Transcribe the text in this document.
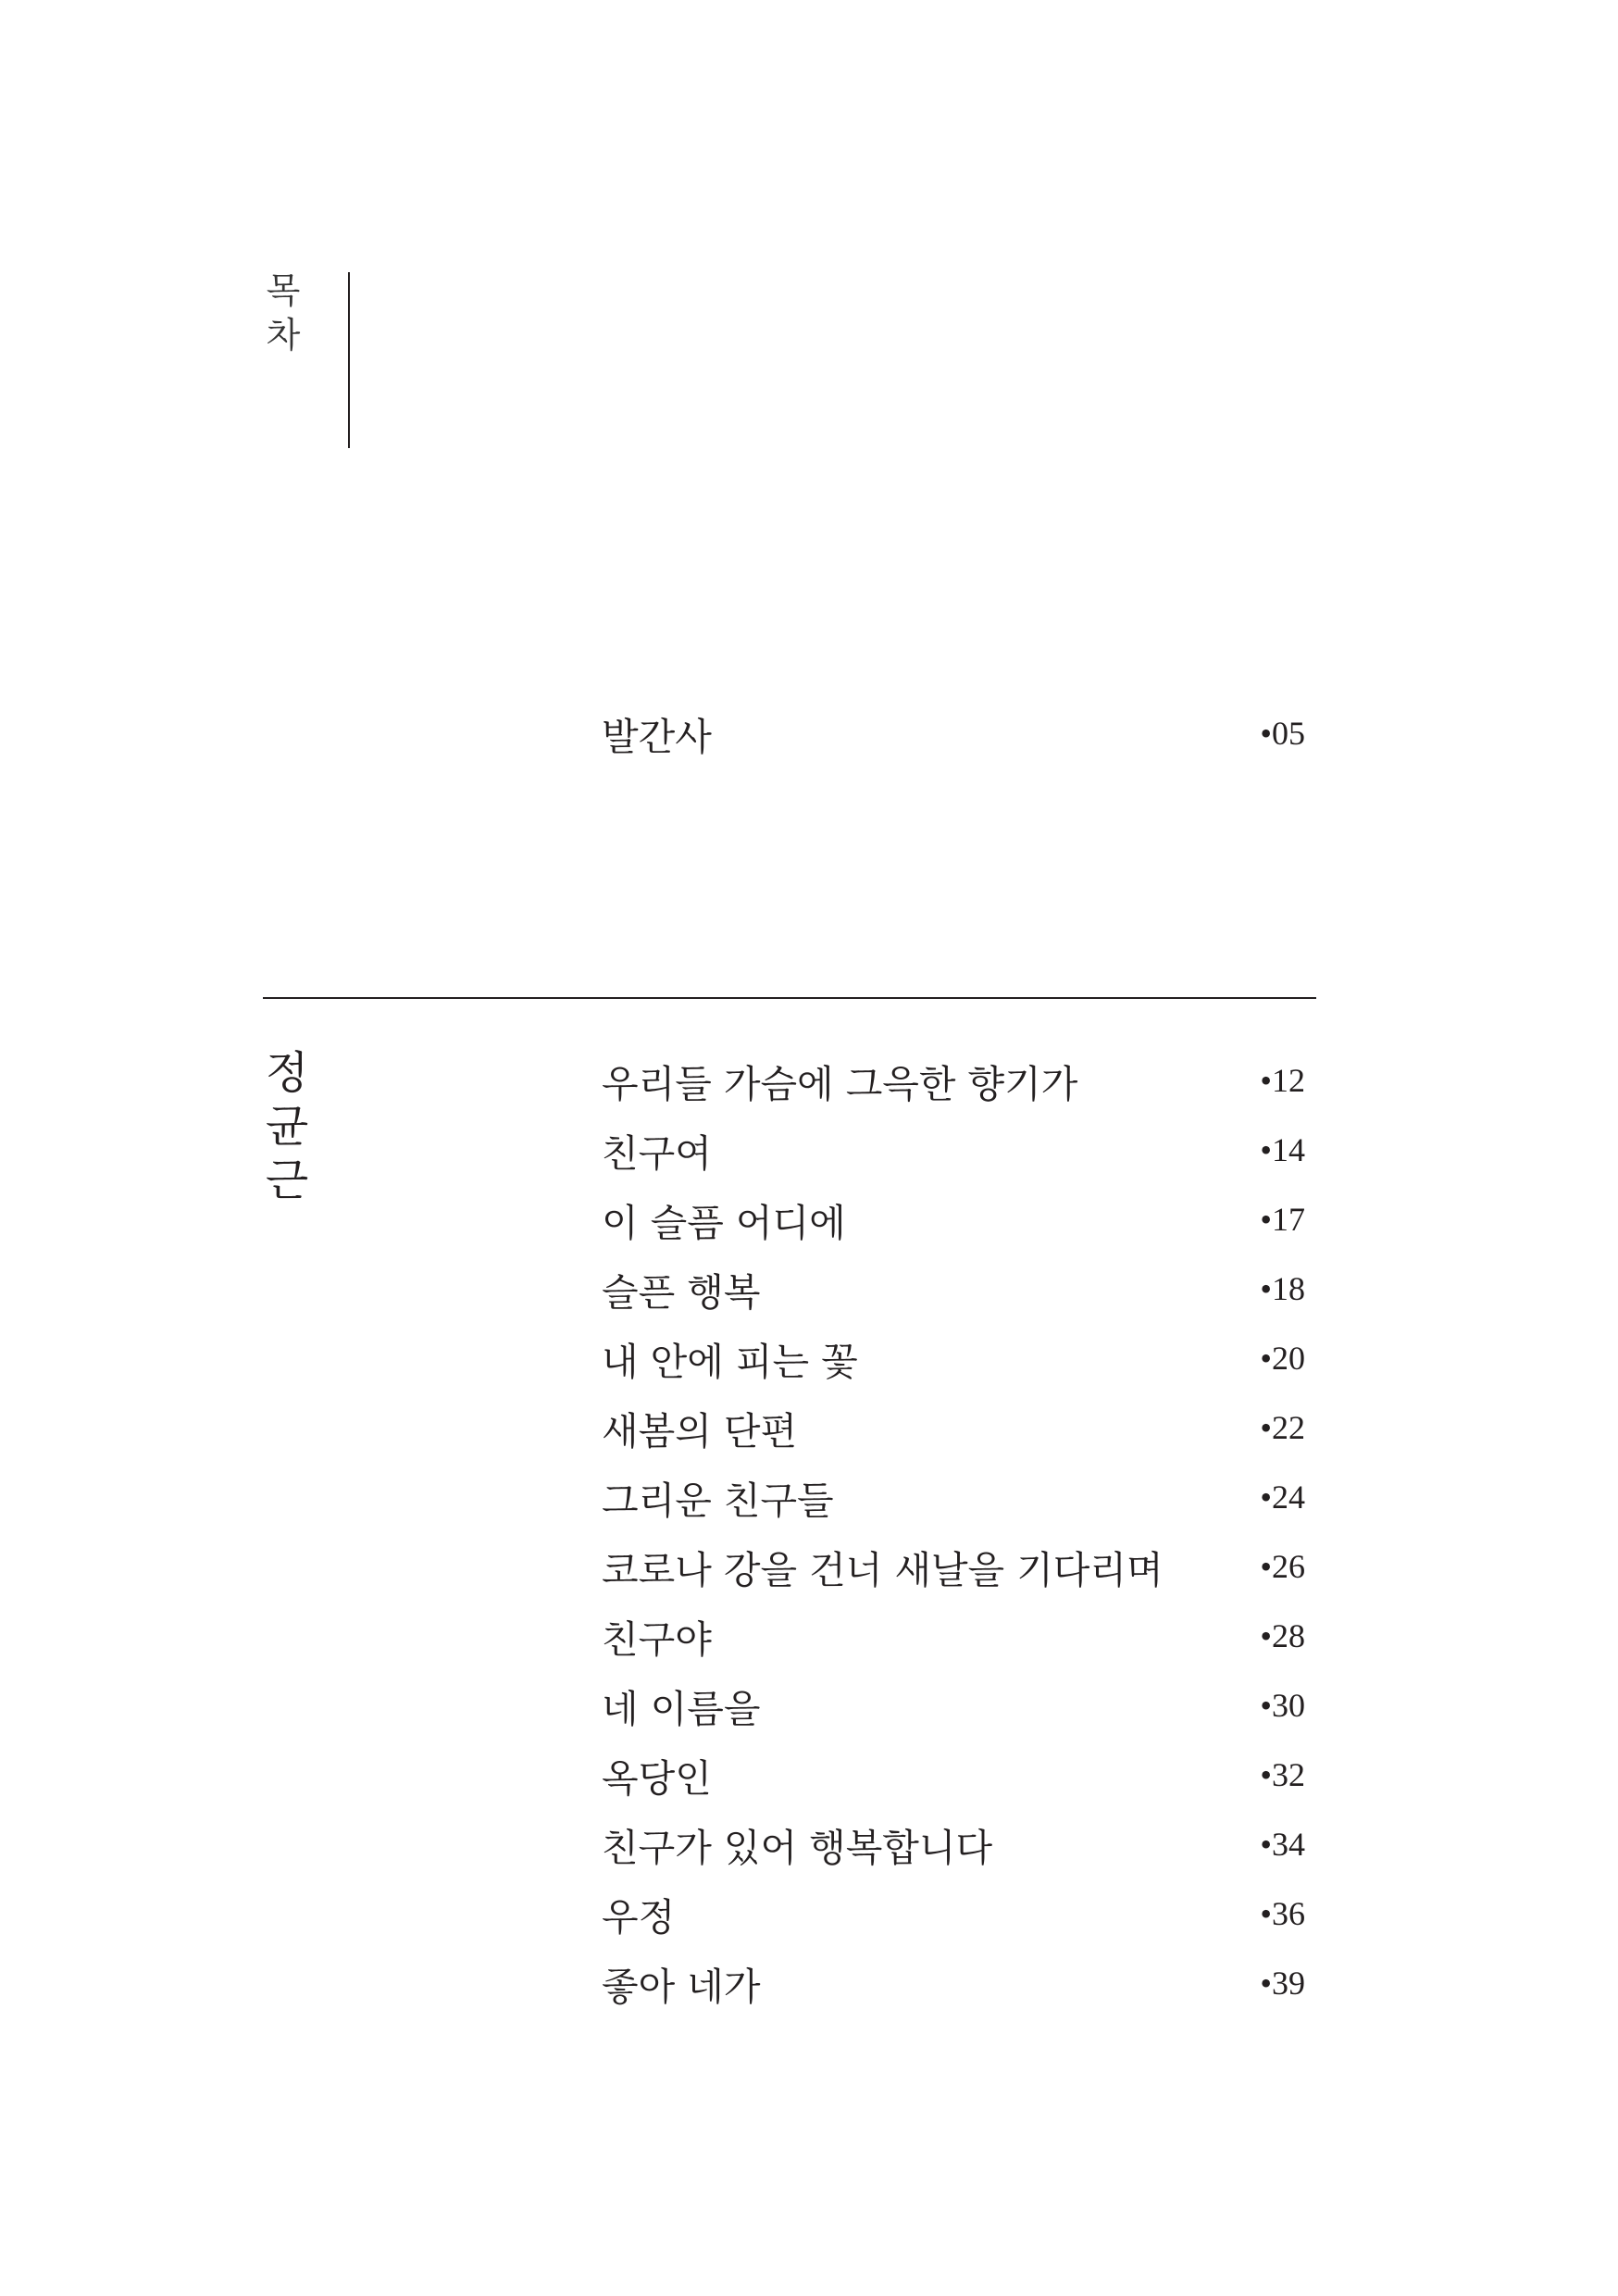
목
차
발간사	•05
정
균
근
우리들 가슴에 그윽한 향기가	•12
친구여	•14
이 슬픔 어디에	•17
슬픈 행복	•18
내 안에 피는 꽃	•20
새봄의 단편	•22
그리운 친구들	•24
코로나 강을 건너 새날을 기다리며	•26
친구야	•28
네 이름을	•30
옥당인	•32
친구가 있어 행복합니다	•34
우정	•36
좋아 네가	•39
